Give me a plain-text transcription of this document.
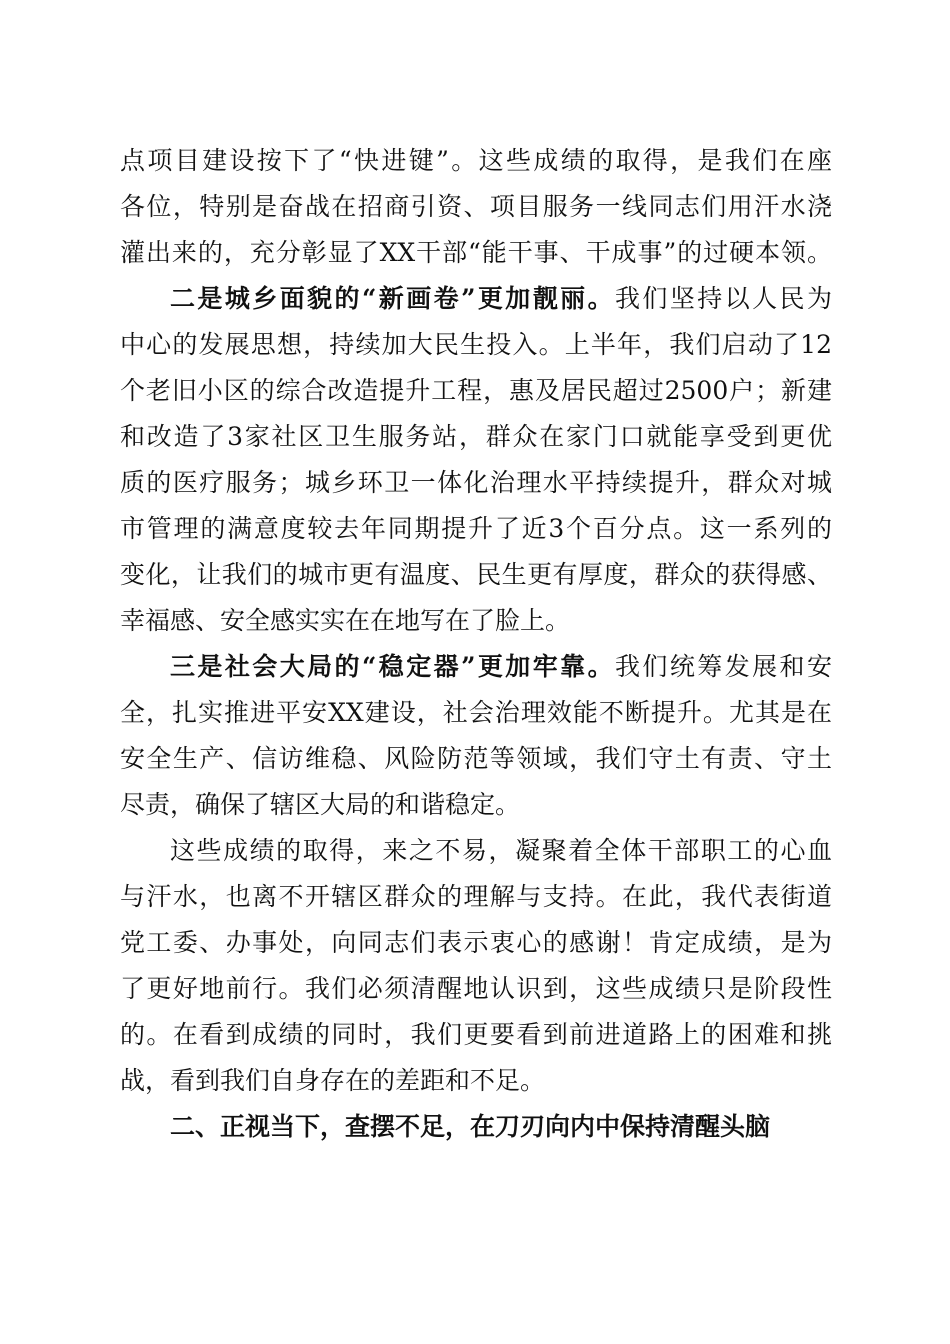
点项目建设按下了“快进键”。这些成绩的取得，是我们在座
各位，特别是奋战在招商引资、项目服务一线同志们用汗水浇
灌出来的，充分彰显了XX干部“能干事、干成事”的过硬本领。
二是城乡面貌的“新画卷”更加靓丽。我们坚持以人民为
中心的发展思想，持续加大民生投入。上半年，我们启动了12
个老旧小区的综合改造提升工程，惠及居民超过2500户；新建
和改造了3家社区卫生服务站，群众在家门口就能享受到更优
质的医疗服务；城乡环卫一体化治理水平持续提升，群众对城
市管理的满意度较去年同期提升了近3个百分点。这一系列的
变化，让我们的城市更有温度、民生更有厚度，群众的获得感、
幸福感、安全感实实在在地写在了脸上。
三是社会大局的“稳定器”更加牢靠。我们统筹发展和安
全，扎实推进平安XX建设，社会治理效能不断提升。尤其是在
安全生产、信访维稳、风险防范等领域，我们守土有责、守土
尽责，确保了辖区大局的和谐稳定。
这些成绩的取得，来之不易，凝聚着全体干部职工的心血
与汗水，也离不开辖区群众的理解与支持。在此，我代表街道
党工委、办事处，向同志们表示衷心的感谢！肯定成绩，是为
了更好地前行。我们必须清醒地认识到，这些成绩只是阶段性
的。在看到成绩的同时，我们更要看到前进道路上的困难和挑
战，看到我们自身存在的差距和不足。
二、正视当下，查摆不足，在刀刃向内中保持清醒头脑
